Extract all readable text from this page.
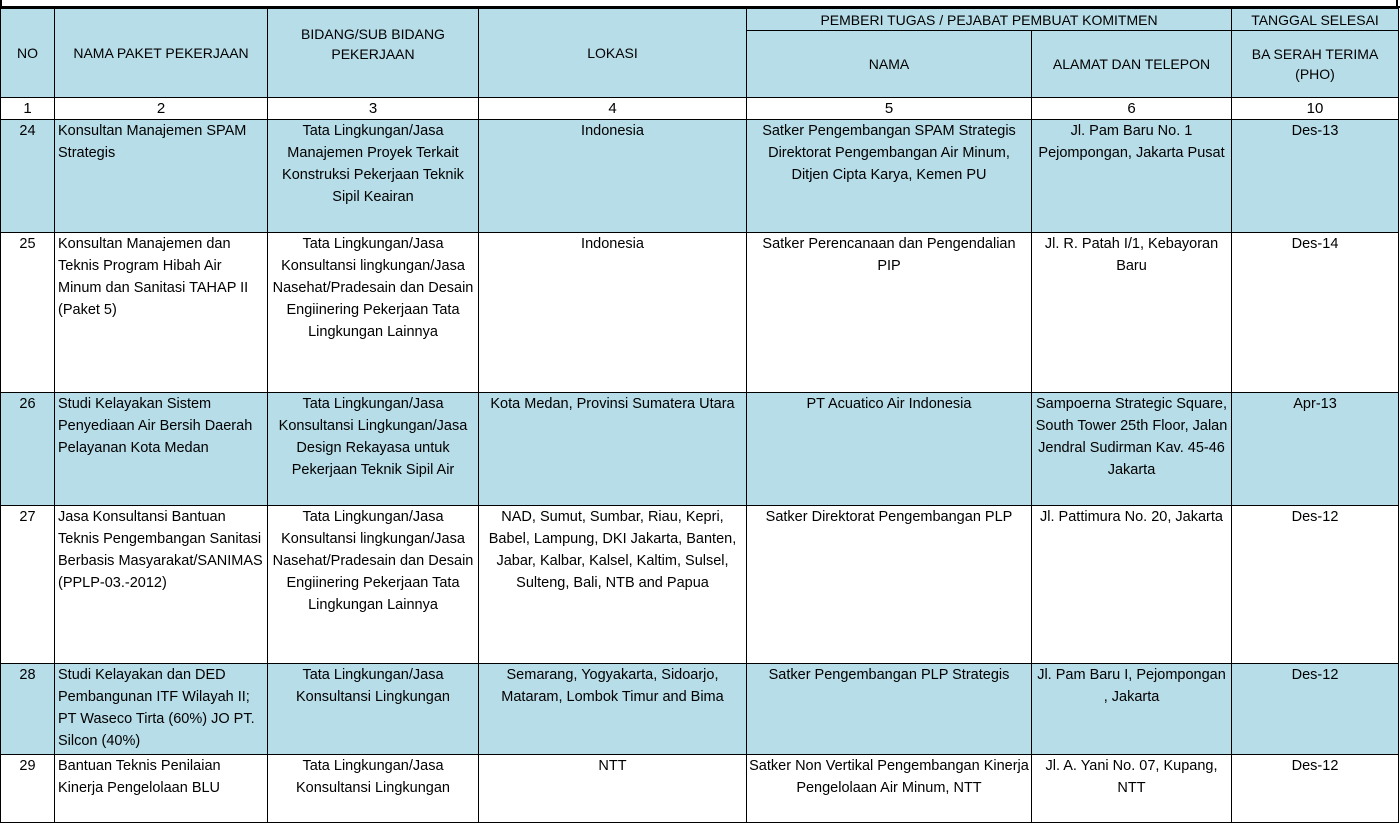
NO	NAMA PAKET PEKERJAAN	BIDANG/SUB BIDANG PEKERJAAN	LOKASI	PEMBERI TUGAS / PEJABAT PEMBUAT KOMITMEN		TANGGAL SELESAI
				NAMA	ALAMAT DAN TELEPON	BA SERAH TERIMA (PHO)
1	2	3	4	5	6	10
24	Konsultan Manajemen SPAM Strategis	Tata Lingkungan/Jasa Manajemen Proyek Terkait Konstruksi Pekerjaan Teknik Sipil Keairan	Indonesia	Satker Pengembangan SPAM Strategis Direktorat Pengembangan Air Minum, Ditjen Cipta Karya, Kemen PU	Jl. Pam Baru No. 1 Pejompongan, Jakarta Pusat	Des-13
25	Konsultan Manajemen dan Teknis Program Hibah Air Minum dan Sanitasi TAHAP II (Paket 5)	Tata Lingkungan/Jasa Konsultansi lingkungan/Jasa Nasehat/Pradesain dan Desain Engiinering Pekerjaan Tata Lingkungan Lainnya	Indonesia	Satker Perencanaan dan Pengendalian PIP	Jl. R. Patah I/1, Kebayoran Baru	Des-14
26	Studi Kelayakan Sistem Penyediaan Air Bersih Daerah Pelayanan Kota Medan	Tata Lingkungan/Jasa Konsultansi Lingkungan/Jasa Design Rekayasa untuk Pekerjaan Teknik Sipil Air	Kota Medan, Provinsi Sumatera Utara	PT Acuatico Air Indonesia	Sampoerna Strategic Square, South Tower 25th Floor, Jalan Jendral Sudirman Kav. 45-46 Jakarta	Apr-13
27	Jasa Konsultansi Bantuan Teknis Pengembangan Sanitasi Berbasis Masyarakat/SANIMAS (PPLP-03.-2012)	Tata Lingkungan/Jasa Konsultansi lingkungan/Jasa Nasehat/Pradesain dan Desain Engiinering Pekerjaan Tata Lingkungan Lainnya	NAD, Sumut, Sumbar, Riau, Kepri, Babel, Lampung, DKI Jakarta, Banten, Jabar, Kalbar, Kalsel, Kaltim, Sulsel, Sulteng, Bali, NTB and Papua	Satker Direktorat Pengembangan PLP	Jl. Pattimura No. 20, Jakarta	Des-12
28	Studi Kelayakan dan DED Pembangunan ITF Wilayah II; PT Waseco Tirta (60%) JO PT. Silcon (40%)	Tata Lingkungan/Jasa Konsultansi Lingkungan	Semarang, Yogyakarta, Sidoarjo, Mataram, Lombok Timur and Bima	Satker Pengembangan PLP Strategis	Jl. Pam Baru I, Pejompongan , Jakarta	Des-12
29	Bantuan Teknis Penilaian Kinerja Pengelolaan BLU	Tata Lingkungan/Jasa Konsultansi Lingkungan	NTT	Satker Non Vertikal Pengembangan Kinerja Pengelolaan Air Minum, NTT	Jl. A. Yani No. 07, Kupang, NTT	Des-12
